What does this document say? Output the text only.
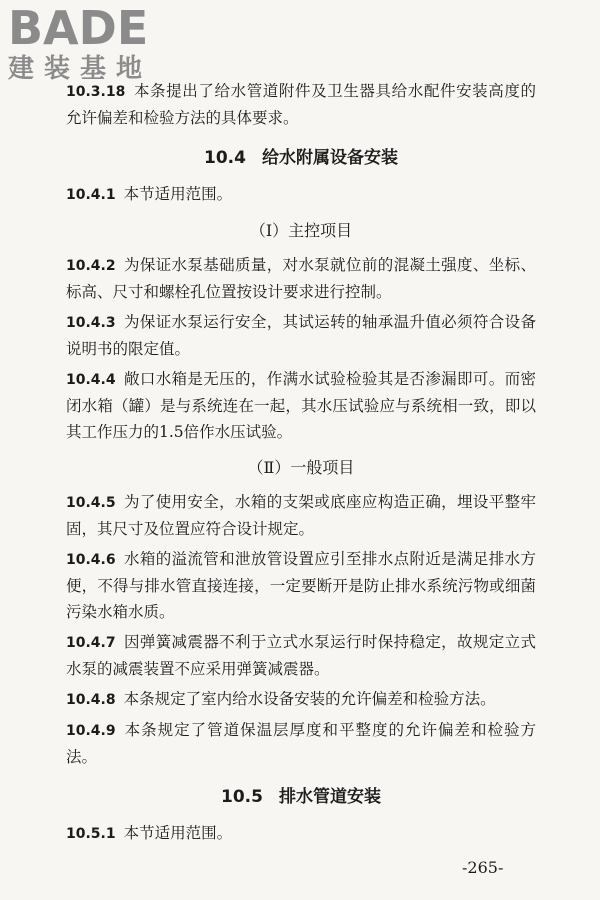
BADE
建装基地

10.3.18 本条提出了给水管道附件及卫生器具给水配件安装高度的允许偏差和检验方法的具体要求。

10.4 给水附属设备安装

10.4.1 本节适用范围。

（Ⅰ）主控项目

10.4.2 为保证水泵基础质量，对水泵就位前的混凝土强度、坐标、标高、尺寸和螺栓孔位置按设计要求进行控制。

10.4.3 为保证水泵运行安全，其试运转的轴承温升值必须符合设备说明书的限定值。

10.4.4 敞口水箱是无压的，作满水试验检验其是否渗漏即可。而密闭水箱（罐）是与系统连在一起，其水压试验应与系统相一致，即以其工作压力的1.5倍作水压试验。

（Ⅱ）一般项目

10.4.5 为了使用安全，水箱的支架或底座应构造正确，埋设平整牢固，其尺寸及位置应符合设计规定。

10.4.6 水箱的溢流管和泄放管设置应引至排水点附近是满足排水方便，不得与排水管直接连接，一定要断开是防止排水系统污物或细菌污染水箱水质。

10.4.7 因弹簧减震器不利于立式水泵运行时保持稳定，故规定立式水泵的减震装置不应采用弹簧减震器。

10.4.8 本条规定了室内给水设备安装的允许偏差和检验方法。

10.4.9 本条规定了管道保温层厚度和平整度的允许偏差和检验方法。

10.5 排水管道安装

10.5.1 本节适用范围。

-265-
